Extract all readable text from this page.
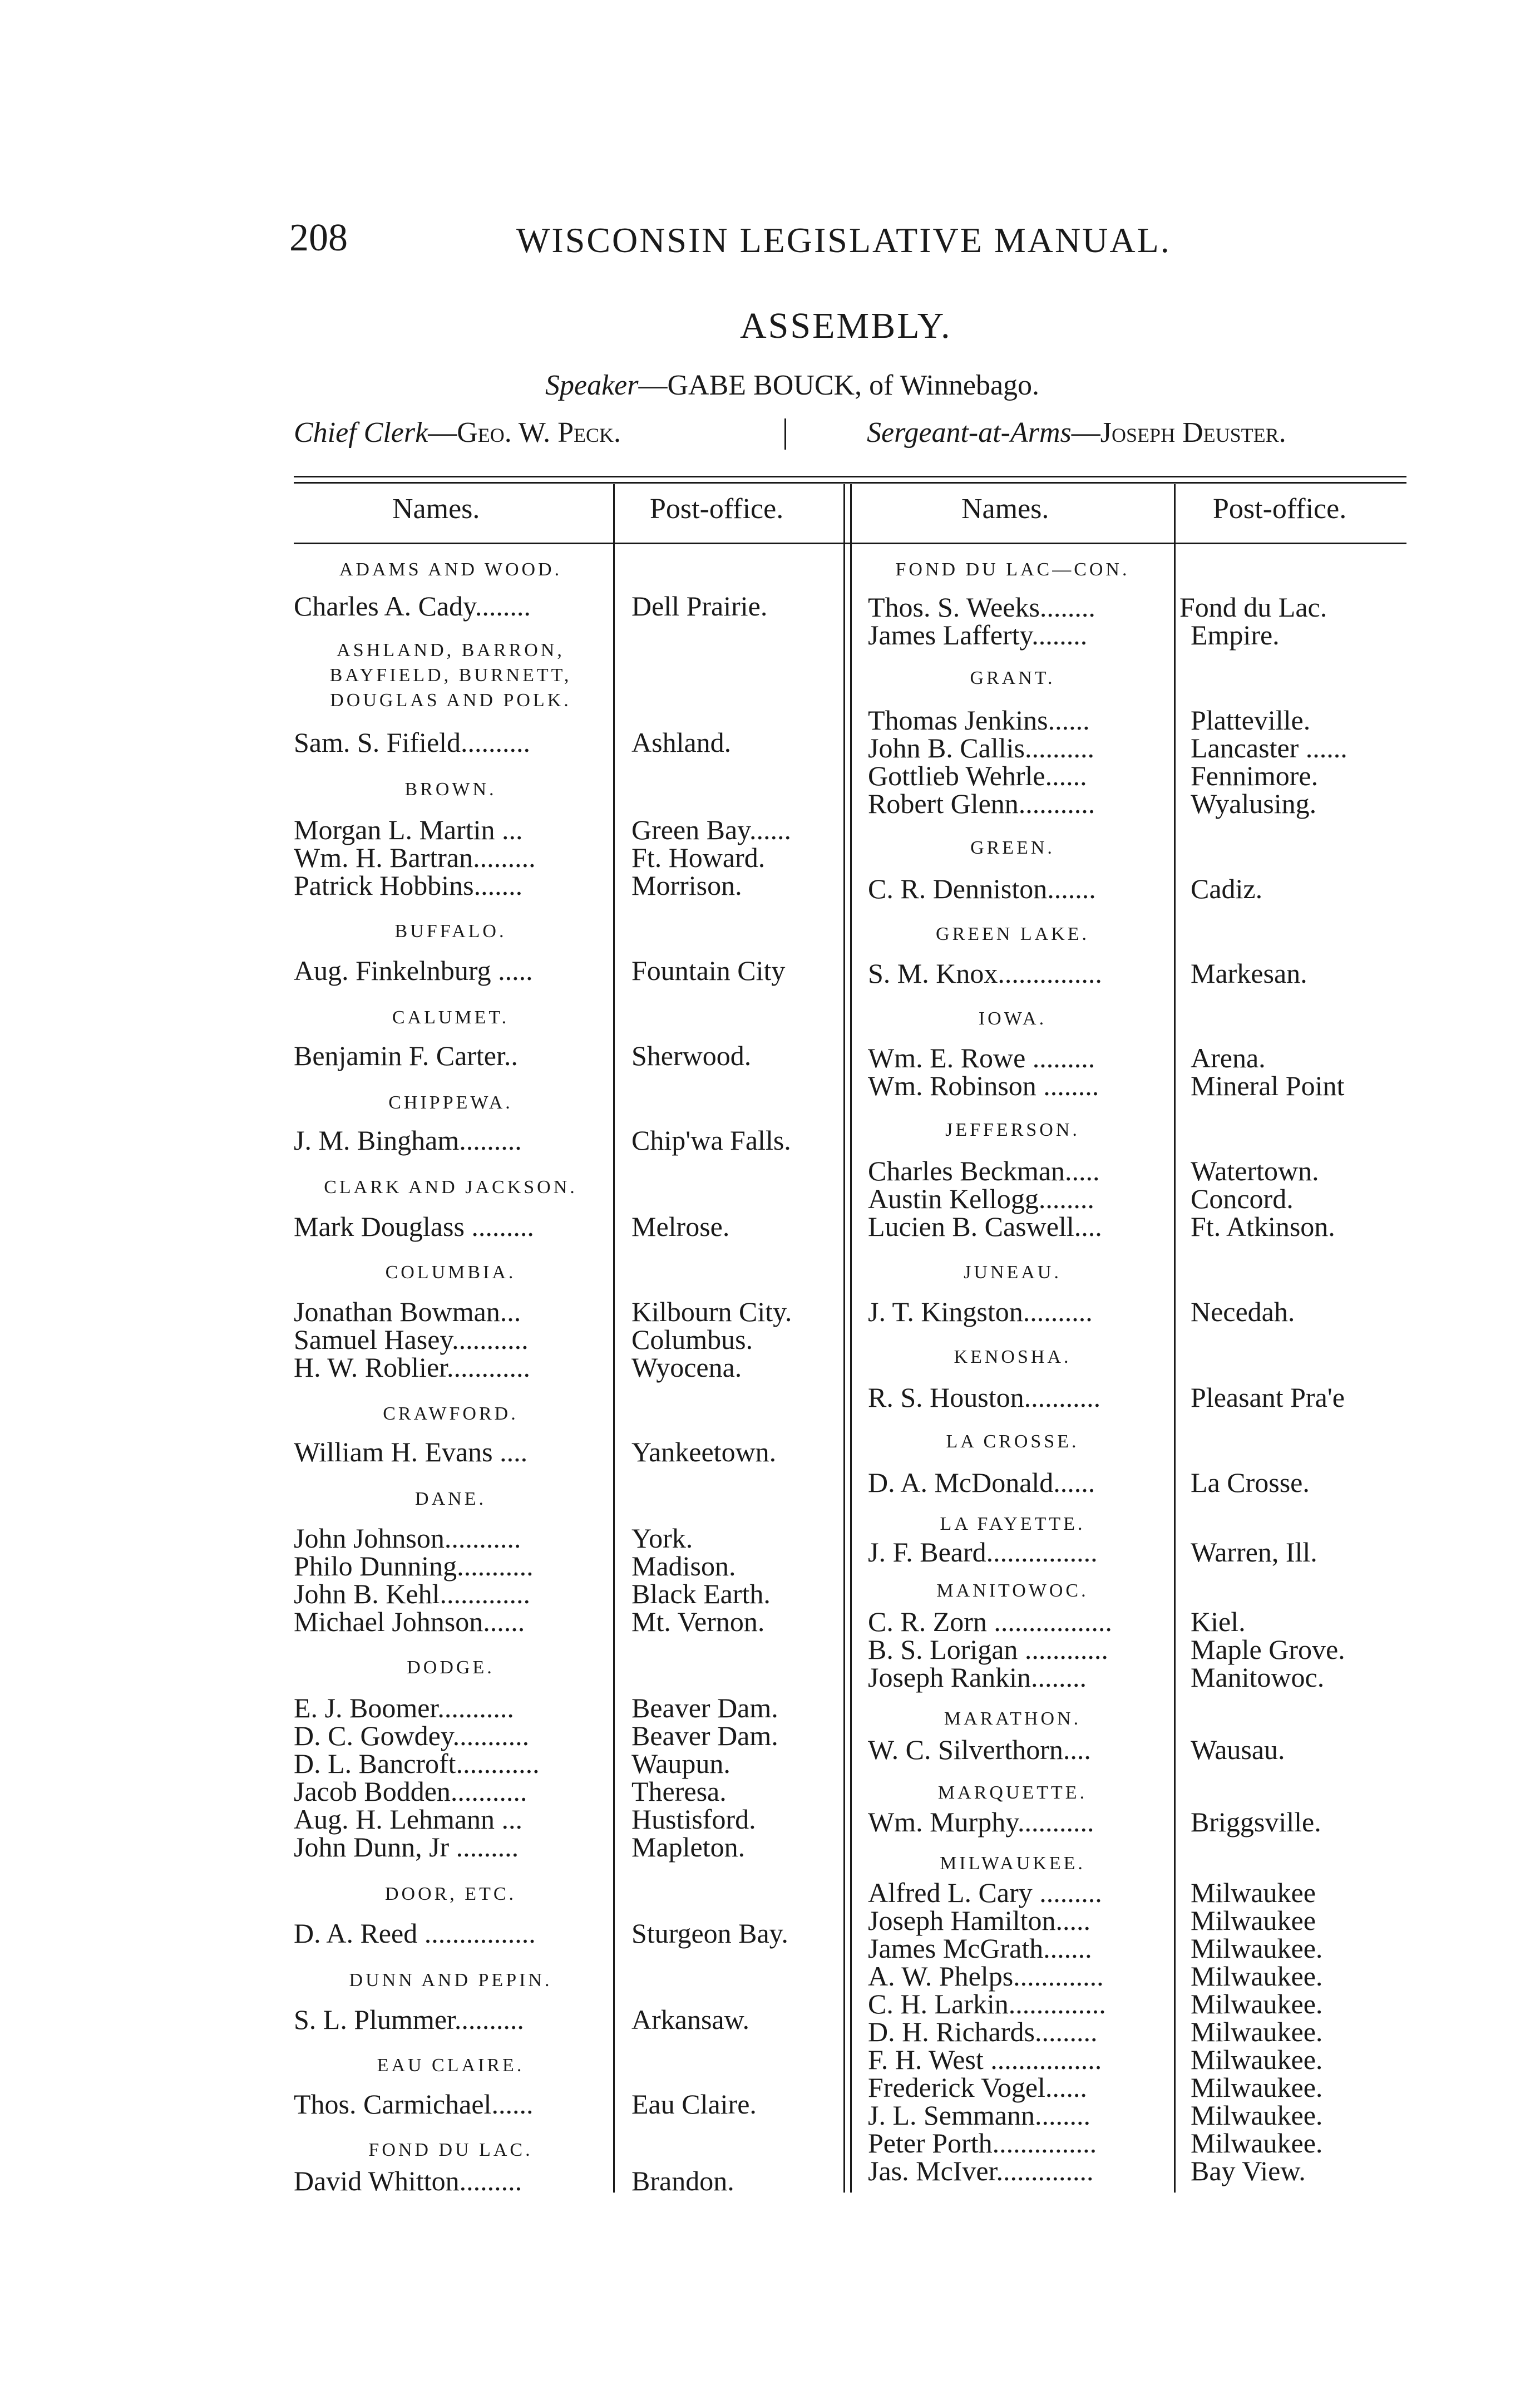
208	WISCONSIN LEGISLATIVE MANUAL.
ASSEMBLY.
Speaker—GABE BOUCK, of Winnebago.
Chief Clerk—Geo. W. Peck.	Sergeant-at-Arms—Joseph Deuster.
Names.	Post-office.	Names.	Post-office.
ADAMS AND WOOD.
Charles A. Cady........	Dell Prairie.
ASHLAND, BARRON,
BAYFIELD, BURNETT,
DOUGLAS AND POLK.
Sam. S. Fifield..........	Ashland.
BROWN.
Morgan L. Martin ...	Green Bay......
Wm. H. Bartran.........	Ft. Howard.
Patrick Hobbins.......	Morrison.
BUFFALO.
Aug. Finkelnburg .....	Fountain City
CALUMET.
Benjamin F. Carter..	Sherwood.
CHIPPEWA.
J. M. Bingham.........	Chip'wa Falls.
CLARK AND JACKSON.
Mark Douglass .........	Melrose.
COLUMBIA.
Jonathan Bowman...	Kilbourn City.
Samuel Hasey...........	Columbus.
H. W. Roblier............	Wyocena.
CRAWFORD.
William H. Evans ....	Yankeetown.
DANE.
John Johnson...........	York.
Philo Dunning...........	Madison.
John B. Kehl.............	Black Earth.
Michael Johnson......	Mt. Vernon.
DODGE.
E. J. Boomer...........	Beaver Dam.
D. C. Gowdey...........	Beaver Dam.
D. L. Bancroft............	Waupun.
Jacob Bodden...........	Theresa.
Aug. H. Lehmann ...	Hustisford.
John Dunn, Jr .........	Mapleton.
DOOR, ETC.
D. A. Reed ................	Sturgeon Bay.
DUNN AND PEPIN.
S. L. Plummer..........	Arkansaw.
EAU CLAIRE.
Thos. Carmichael......	Eau Claire.
FOND DU LAC.
David Whitton.........	Brandon.
FOND DU LAC—CON.
Thos. S. Weeks........	Fond du Lac.
James Lafferty........	Empire.
GRANT.
Thomas Jenkins......	Platteville.
John B. Callis..........	Lancaster ......
Gottlieb Wehrle......	Fennimore.
Robert Glenn...........	Wyalusing.
GREEN.
C. R. Denniston.......	Cadiz.
GREEN LAKE.
S. M. Knox...............	Markesan.
IOWA.
Wm. E. Rowe .........	Arena.
Wm. Robinson ........	Mineral Point
JEFFERSON.
Charles Beckman.....	Watertown.
Austin Kellogg........	Concord.
Lucien B. Caswell....	Ft. Atkinson.
JUNEAU.
J. T. Kingston..........	Necedah.
KENOSHA.
R. S. Houston...........	Pleasant Pra'e
LA CROSSE.
D. A. McDonald......	La Crosse.
LA FAYETTE.
J. F. Beard................	Warren, Ill.
MANITOWOC.
C. R. Zorn .................	Kiel.
B. S. Lorigan ............	Maple Grove.
Joseph Rankin........	Manitowoc.
MARATHON.
W. C. Silverthorn....	Wausau.
MARQUETTE.
Wm. Murphy...........	Briggsville.
MILWAUKEE.
Alfred L. Cary .........	Milwaukee
Joseph Hamilton.....	Milwaukee
James McGrath.......	Milwaukee.
A. W. Phelps.............	Milwaukee.
C. H. Larkin..............	Milwaukee.
D. H. Richards.........	Milwaukee.
F. H. West ................	Milwaukee.
Frederick Vogel......	Milwaukee.
J. L. Semmann........	Milwaukee.
Peter Porth...............	Milwaukee.
Jas. McIver..............	Bay View.
